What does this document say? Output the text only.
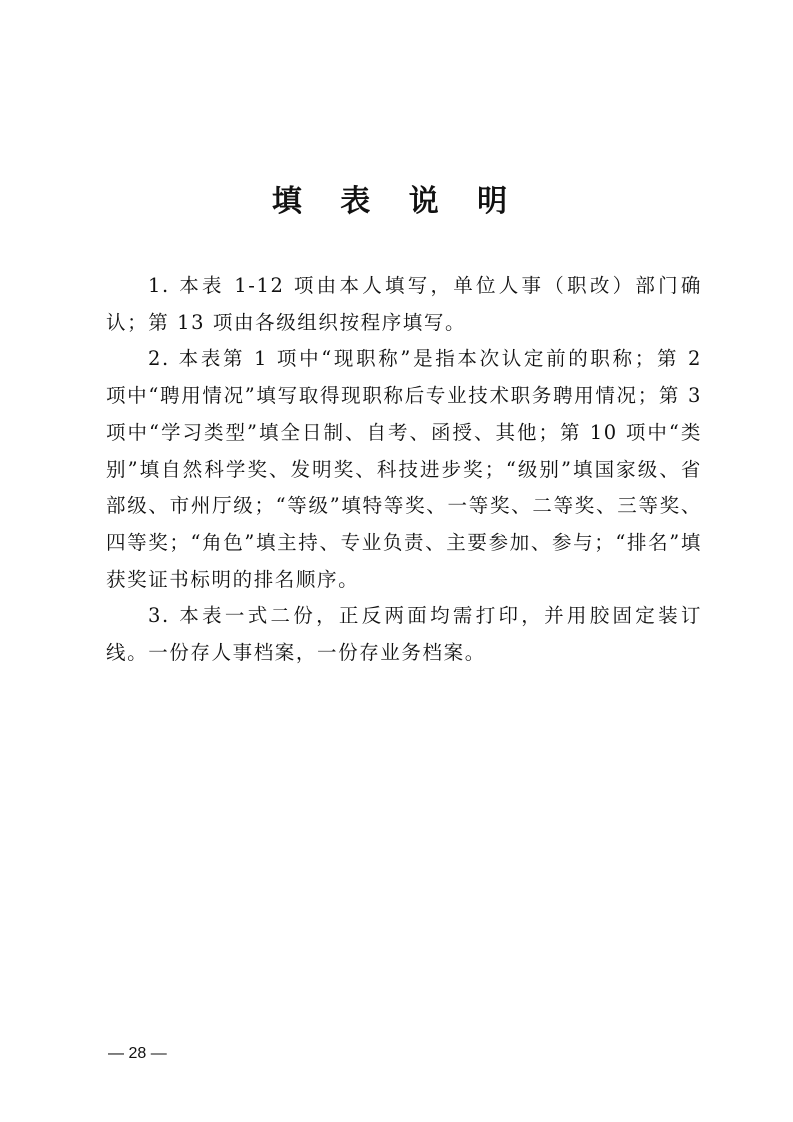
填 表 说 明

1. 本表 1-12 项由本人填写，单位人事（职改）部门确认；第 13 项由各级组织按程序填写。

2. 本表第 1 项中“现职称”是指本次认定前的职称；第 2 项中“聘用情况”填写取得现职称后专业技术职务聘用情况；第 3 项中“学习类型”填全日制、自考、函授、其他；第 10 项中“类别”填自然科学奖、发明奖、科技进步奖；“级别”填国家级、省部级、市州厅级；“等级”填特等奖、一等奖、二等奖、三等奖、四等奖；“角色”填主持、专业负责、主要参加、参与；“排名”填获奖证书标明的排名顺序。

3. 本表一式二份，正反两面均需打印，并用胶固定装订线。一份存人事档案，一份存业务档案。

— 28 —
